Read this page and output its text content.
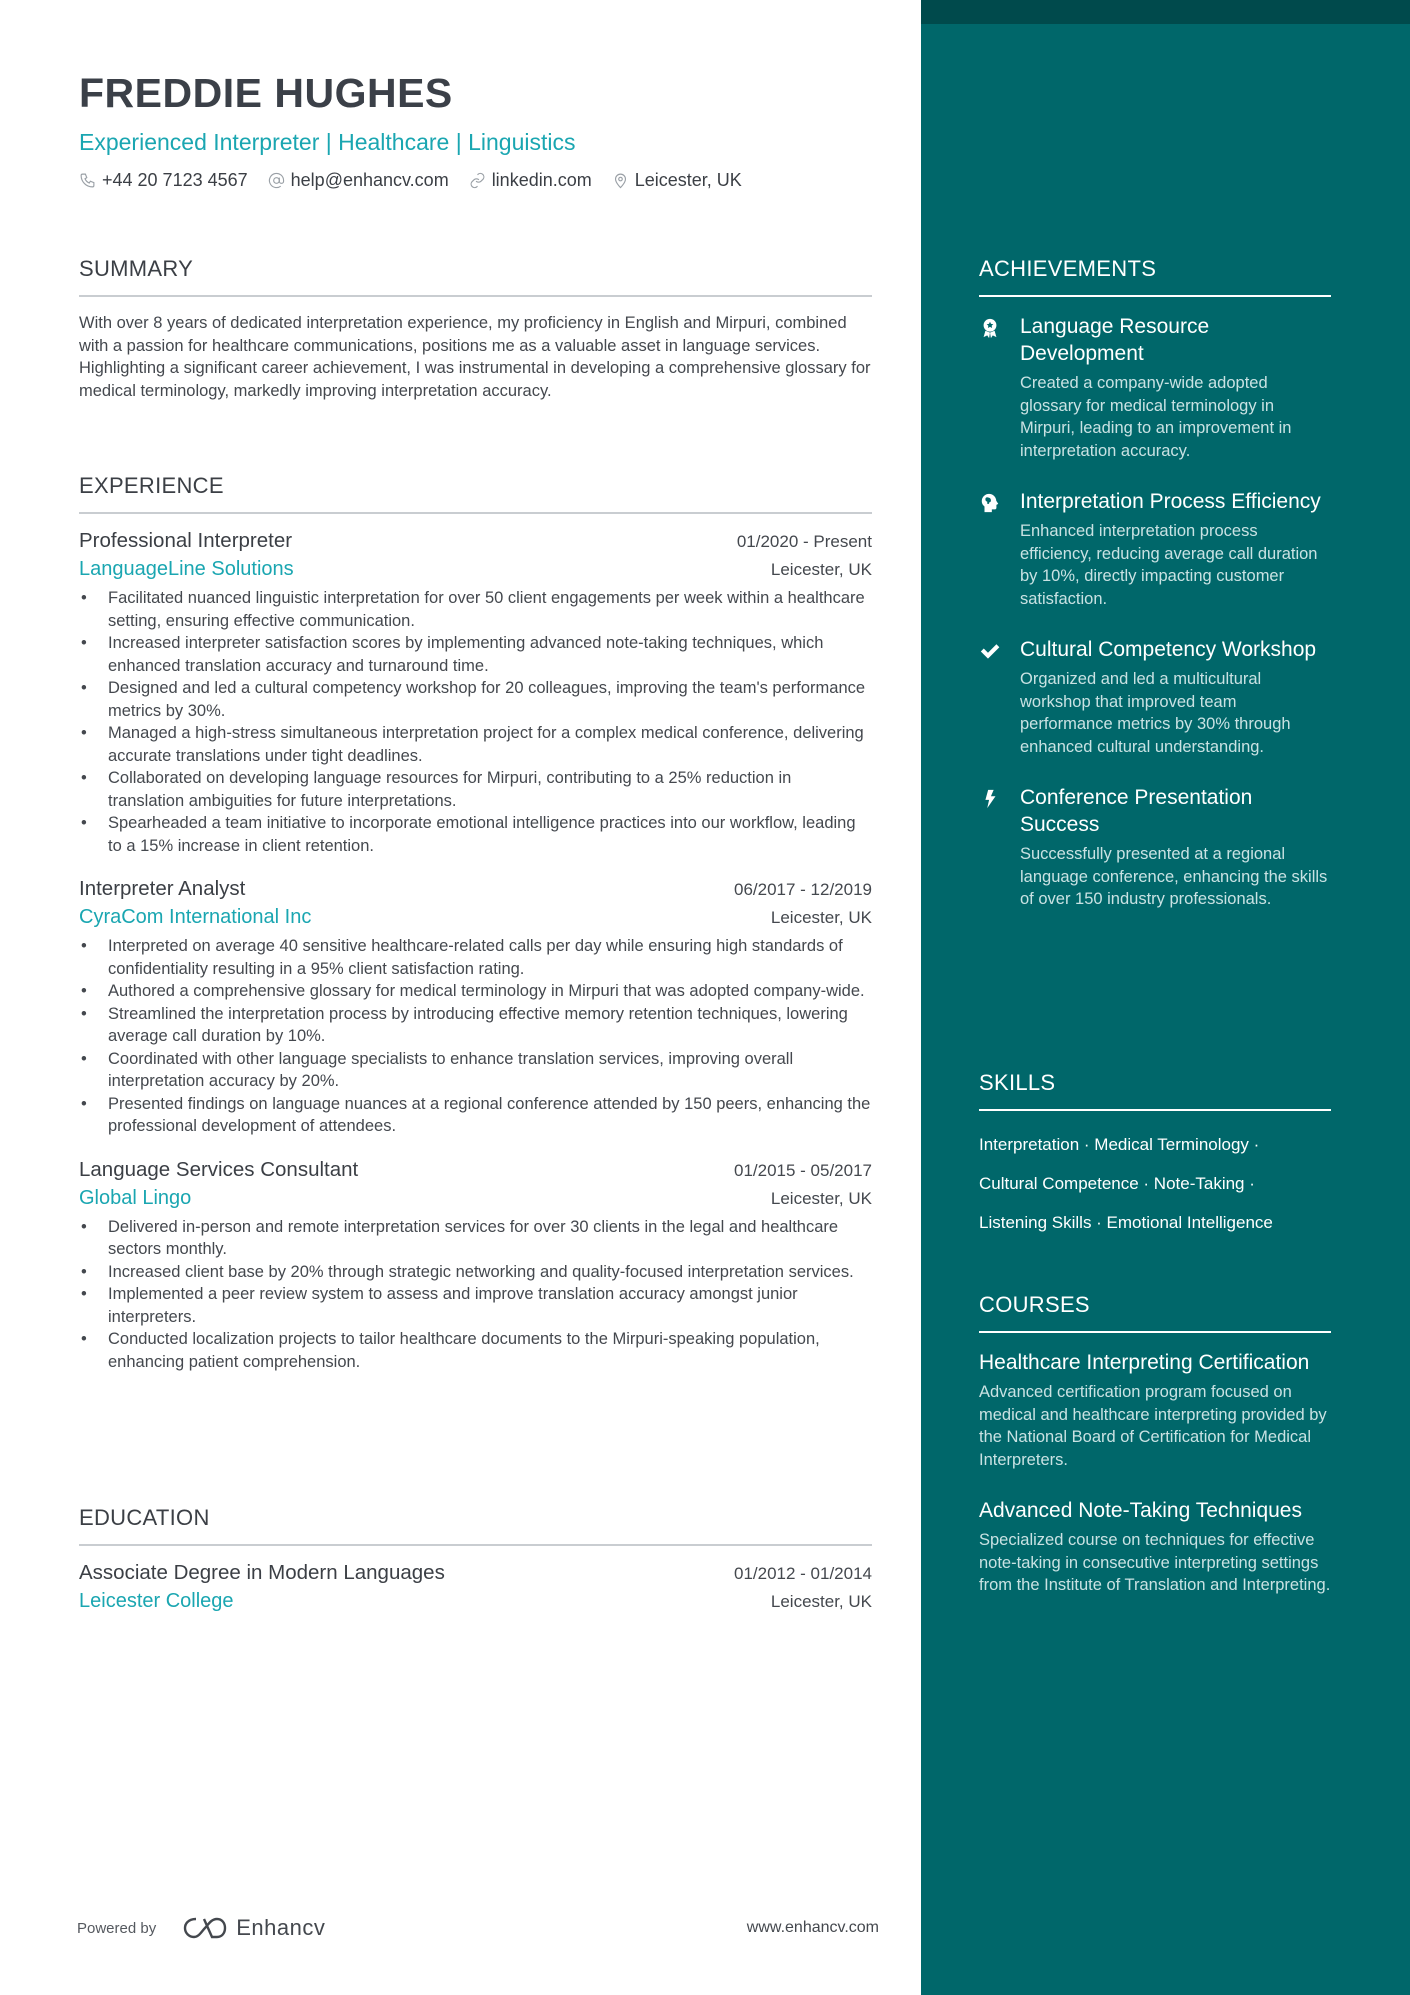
FREDDIE HUGHES
Experienced Interpreter | Healthcare | Linguistics
+44 20 7123 4567 help@enhancv.com linkedin.com Leicester, UK
SUMMARY
With over 8 years of dedicated interpretation experience, my proficiency in English and Mirpuri, combined with a passion for healthcare communications, positions me as a valuable asset in language services. Highlighting a significant career achievement, I was instrumental in developing a comprehensive glossary for medical terminology, markedly improving interpretation accuracy.
EXPERIENCE
Professional Interpreter	01/2020 - Present
LanguageLine Solutions	Leicester, UK
• Facilitated nuanced linguistic interpretation for over 50 client engagements per week within a healthcare setting, ensuring effective communication.
• Increased interpreter satisfaction scores by implementing advanced note-taking techniques, which enhanced translation accuracy and turnaround time.
• Designed and led a cultural competency workshop for 20 colleagues, improving the team's performance metrics by 30%.
• Managed a high-stress simultaneous interpretation project for a complex medical conference, delivering accurate translations under tight deadlines.
• Collaborated on developing language resources for Mirpuri, contributing to a 25% reduction in translation ambiguities for future interpretations.
• Spearheaded a team initiative to incorporate emotional intelligence practices into our workflow, leading to a 15% increase in client retention.
Interpreter Analyst	06/2017 - 12/2019
CyraCom International Inc	Leicester, UK
• Interpreted on average 40 sensitive healthcare-related calls per day while ensuring high standards of confidentiality resulting in a 95% client satisfaction rating.
• Authored a comprehensive glossary for medical terminology in Mirpuri that was adopted company-wide.
• Streamlined the interpretation process by introducing effective memory retention techniques, lowering average call duration by 10%.
• Coordinated with other language specialists to enhance translation services, improving overall interpretation accuracy by 20%.
• Presented findings on language nuances at a regional conference attended by 150 peers, enhancing the professional development of attendees.
Language Services Consultant	01/2015 - 05/2017
Global Lingo	Leicester, UK
• Delivered in-person and remote interpretation services for over 30 clients in the legal and healthcare sectors monthly.
• Increased client base by 20% through strategic networking and quality-focused interpretation services.
• Implemented a peer review system to assess and improve translation accuracy amongst junior interpreters.
• Conducted localization projects to tailor healthcare documents to the Mirpuri-speaking population, enhancing patient comprehension.
EDUCATION
Associate Degree in Modern Languages	01/2012 - 01/2014
Leicester College	Leicester, UK
Powered by	Enhancv	www.enhancv.com
ACHIEVEMENTS
Language Resource Development
Created a company-wide adopted glossary for medical terminology in Mirpuri, leading to an improvement in interpretation accuracy.
Interpretation Process Efficiency
Enhanced interpretation process efficiency, reducing average call duration by 10%, directly impacting customer satisfaction.
Cultural Competency Workshop
Organized and led a multicultural workshop that improved team performance metrics by 30% through enhanced cultural understanding.
Conference Presentation Success
Successfully presented at a regional language conference, enhancing the skills of over 150 industry professionals.
SKILLS
Interpretation · Medical Terminology ·
Cultural Competence · Note-Taking ·
Listening Skills · Emotional Intelligence
COURSES
Healthcare Interpreting Certification
Advanced certification program focused on medical and healthcare interpreting provided by the National Board of Certification for Medical Interpreters.
Advanced Note-Taking Techniques
Specialized course on techniques for effective note-taking in consecutive interpreting settings from the Institute of Translation and Interpreting.
